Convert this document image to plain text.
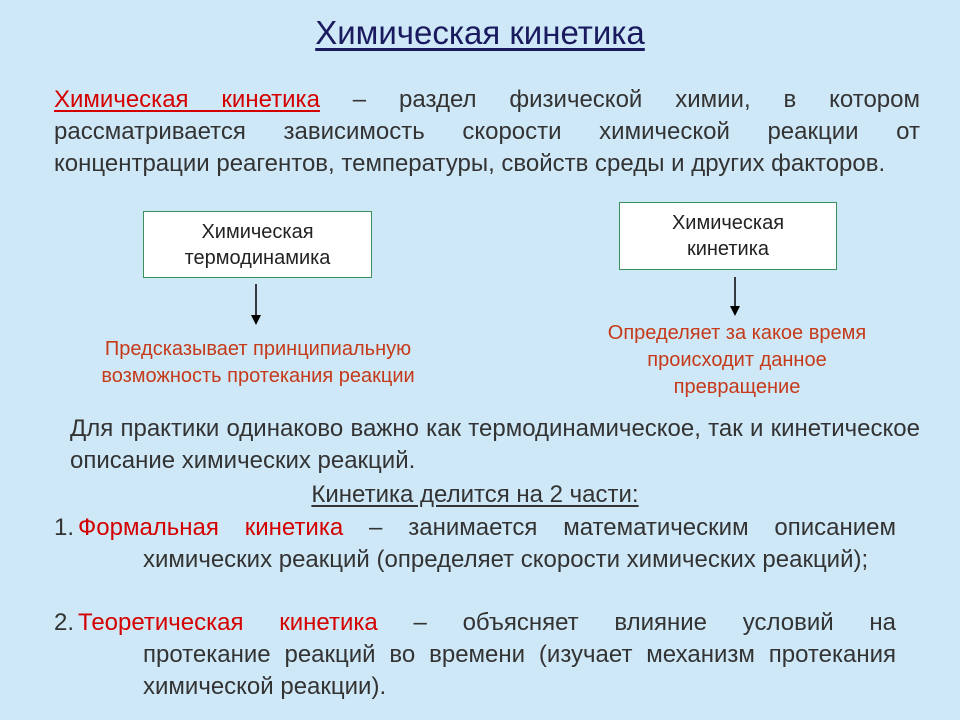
Химическая кинетика
Химическая кинетика – раздел физической химии, в котором рассматривается зависимость скорости химической реакции от концентрации реагентов, температуры, свойств среды и других факторов.
Химическая
термодинамика
Химическая
кинетика
Предсказывает принципиальную
возможность протекания реакции
Определяет за какое время
происходит данное
превращение
Для практики одинаково важно как термодинамическое, так и кинетическое описание химических реакций.
Кинетика делится на 2 части:
1. Формальная кинетика – занимается математическим описанием
химических реакций (определяет скорости химических реакций);
2. Теоретическая кинетика – объясняет влияние условий на
протекание реакций во времени (изучает механизм протекания химической реакции).
